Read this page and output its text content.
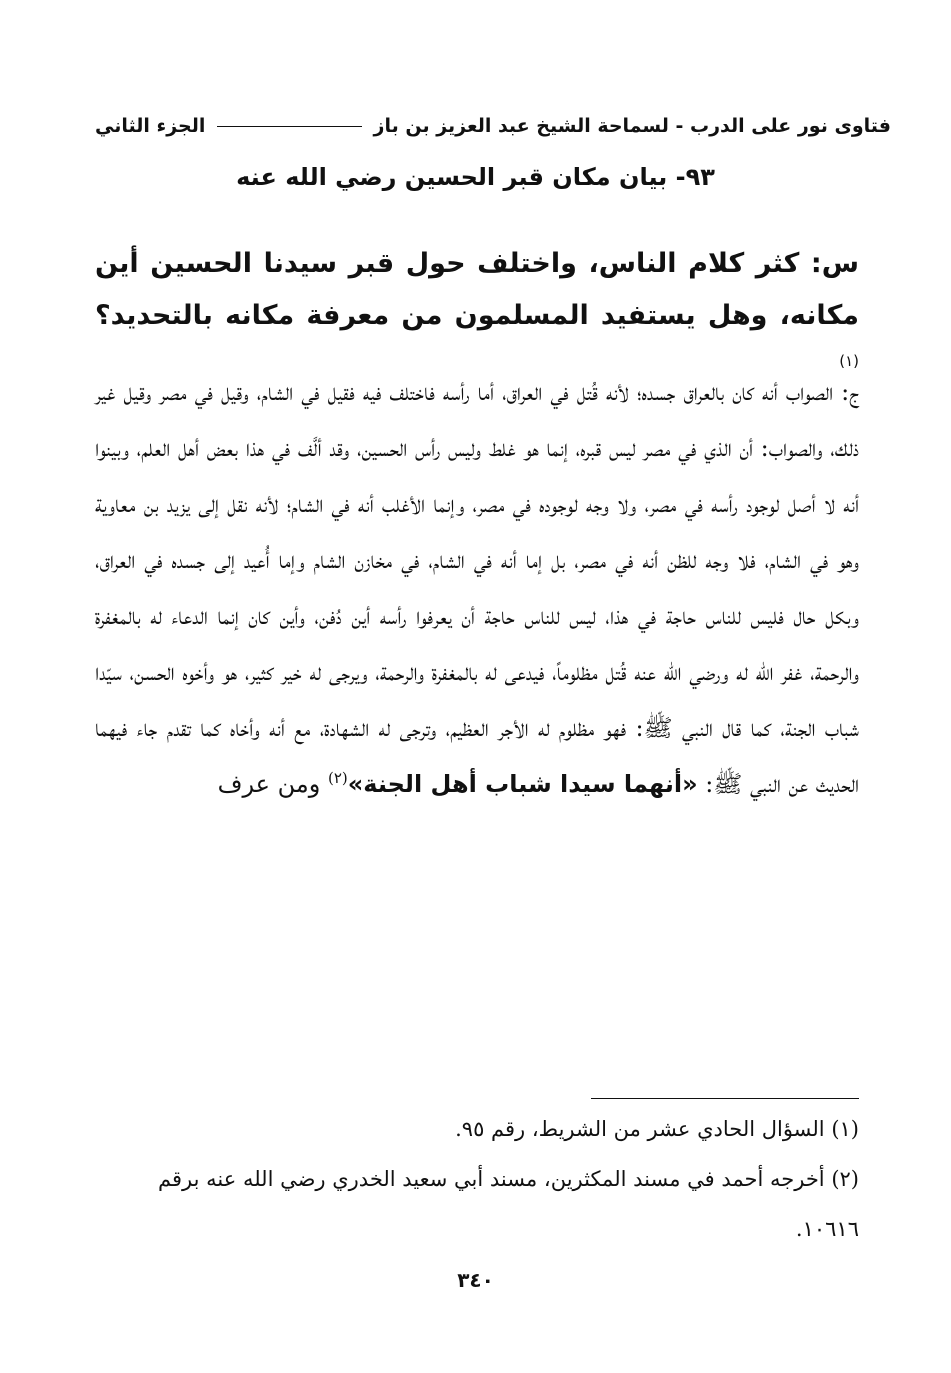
فتاوى نور على الدرب - لسماحة الشيخ عبد العزيز بن باز
الجزء الثاني
٩٣- بيان مكان قبر الحسين رضي الله عنه
س: كثر كلام الناس، واختلف حول قبر سيدنا الحسين أين مكانه، وهل يستفيد المسلمون من معرفة مكانه بالتحديد؟$^{(١)}$
ج: الصواب أنه كان بالعراق جسده؛ لأنه قُتل في العراق، أما رأسه فاختلف فيه فقيل في الشام، وقيل في مصر وقيل غير ذلك، والصواب: أن الذي في مصر ليس قبره، إنما هو غلط وليس رأس الحسين، وقد ألَّف في هذا بعض أهل العلم، وبينوا أنه لا أصل لوجود رأسه في مصر، ولا وجه لوجوده في مصر، وإنما الأغلب أنه في الشام؛ لأنه نقل إلى يزيد بن معاوية وهو في الشام، فلا وجه للظن أنه في مصر، بل إما أنه في الشام، في مخازن الشام وإما أُعيد إلى جسده في العراق، وبكل حال فليس للناس حاجة في هذا، ليس للناس حاجة أن يعرفوا رأسه أين دُفن، وأين كان إنما الدعاء له بالمغفرة والرحمة، غفر الله له ورضي الله عنه قُتل مظلوماً، فيدعى له بالمغفرة والرحمة، ويرجى له خير كثير، هو وأخوه الحسن، سيّدا شباب الجنة، كما قال النبي ﷺ: فهو مظلوم له الأجر العظيم، وترجى له الشهادة، مع أنه وأخاه كما تقدم جاء فيهما الحديث عن النبي ﷺ: «أنهما سيدا شباب أهل الجنة»$^{(٢)}$ ومن عرف

(١) السؤال الحادي عشر من الشريط، رقم ٩٥.

(٢) أخرجه أحمد في مسند المكثرين، مسند أبي سعيد الخدري رضي الله عنه برقم ١٠٦١٦.

٣٤٠
